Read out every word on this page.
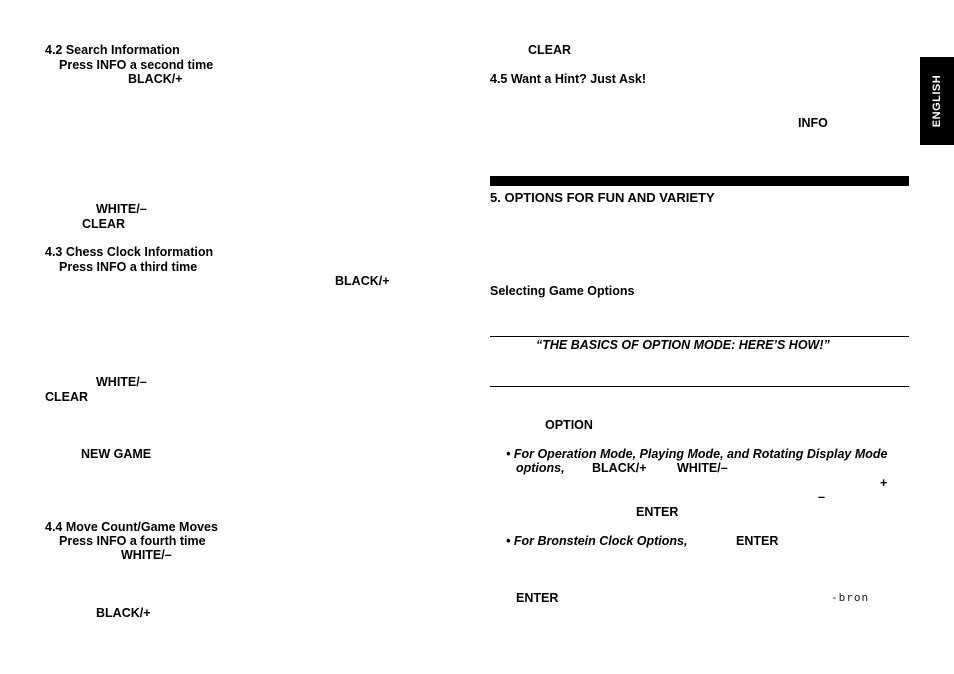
ENGLISH
4.2 Search Information
Press INFO a second time
BLACK/+
WHITE/–
CLEAR
4.3 Chess Clock Information
Press INFO a third time
BLACK/+
WHITE/–
CLEAR
NEW GAME
4.4 Move Count/Game Moves
Press INFO a fourth time
WHITE/–
BLACK/+
CLEAR
4.5 Want a Hint? Just Ask!
INFO
5. OPTIONS FOR FUN AND VARIETY
Selecting Game Options
“THE BASICS OF OPTION MODE: HERE’S HOW!”
OPTION
• For Operation Mode, Playing Mode, and Rotating Display Mode
options, BLACK/+ WHITE/–
+
–
ENTER
• For Bronstein Clock Options,	ENTER
ENTER	-bron
